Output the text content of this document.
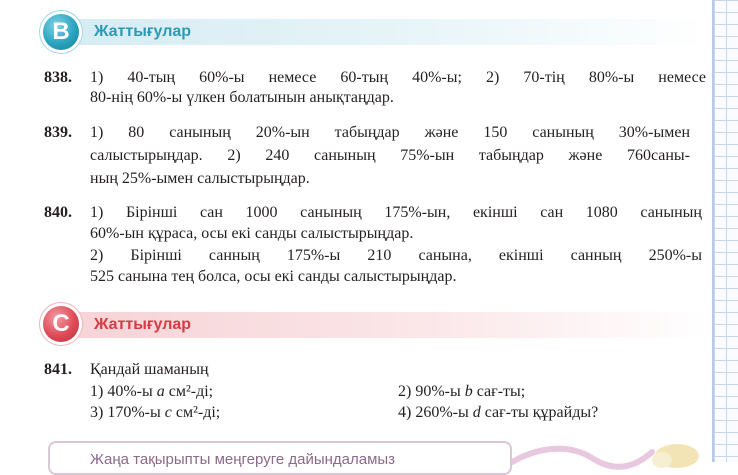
Жаттығулар
B
838. 1) 40-тың 60%-ы немесе 60-тың 40%-ы; 2) 70-тің 80%-ы немесе
80-нің 60%-ы үлкен болатынын анықтаңдар.
839. 1) 80 санының 20%-ын табыңдар және 150 санының 30%-ымен
салыстырыңдар. 2) 240 санының 75%-ын табыңдар және 760саны-
ның 25%-ымен салыстырыңдар.
840. 1) Бірінші сан 1000 санының 175%-ын, екінші сан 1080 санының
60%-ын құраса, осы екі санды салыстырыңдар.
2) Бірінші санның 175%-ы 210 санына, екінші санның 250%-ы
525 санына тең болса, осы екі санды салыстырыңдар.
Жаттығулар
C
841. Қандай шаманың
1) 40%-ы a см²-ді;	2) 90%-ы b сағ-ты;
3) 170%-ы c см²-ді;	4) 260%-ы d сағ-ты құрайды?
Жаңа тақырыпты меңгеруге дайындаламыз
